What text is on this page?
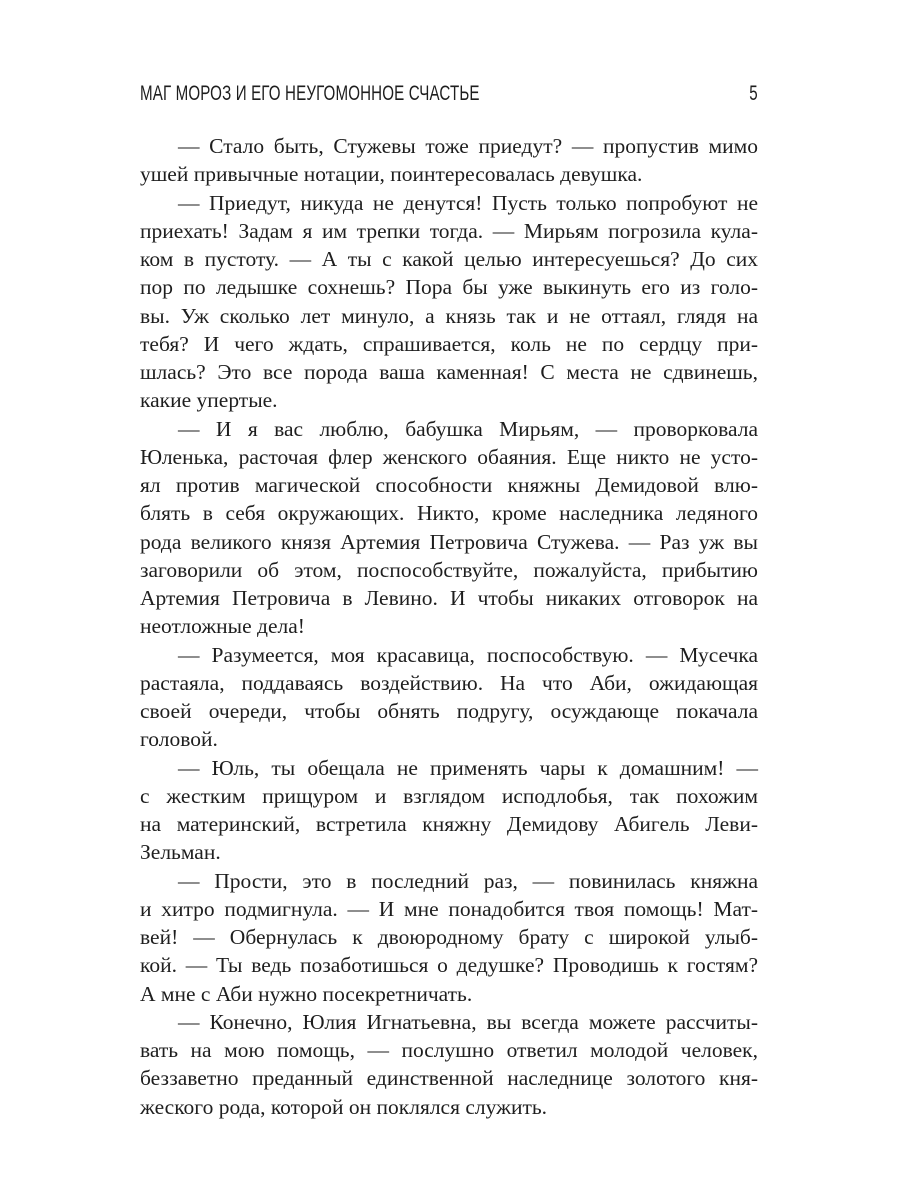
МАГ МОРОЗ И ЕГО НЕУГОМОННОЕ СЧАСТЬЕ	5
— Стало быть, Стужевы тоже приедут? — пропустив мимо
ушей привычные нотации, поинтересовалась девушка.
— Приедут, никуда не денутся! Пусть только попробуют не
приехать! Задам я им трепки тогда. — Мирьям погрозила кула-
ком в пустоту. — А ты с какой целью интересуешься? До сих
пор по ледышке сохнешь? Пора бы уже выкинуть его из голо-
вы. Уж сколько лет минуло, а князь так и не оттаял, глядя на
тебя? И чего ждать, спрашивается, коль не по сердцу при-
шлась? Это все порода ваша каменная! С места не сдвинешь,
какие упертые.
— И я вас люблю, бабушка Мирьям, — проворковала
Юленька, расточая флер женского обаяния. Еще никто не усто-
ял против магической способности княжны Демидовой влю-
блять в себя окружающих. Никто, кроме наследника ледяного
рода великого князя Артемия Петровича Стужева. — Раз уж вы
заговорили об этом, поспособствуйте, пожалуйста, прибытию
Артемия Петровича в Левино. И чтобы никаких отговорок на
неотложные дела!
— Разумеется, моя красавица, поспособствую. — Мусечка
растаяла, поддаваясь воздействию. На что Аби, ожидающая
своей очереди, чтобы обнять подругу, осуждающе покачала
головой.
— Юль, ты обещала не применять чары к домашним! —
с жестким прищуром и взглядом исподлобья, так похожим
на материнский, встретила княжну Демидову Абигель Леви-
Зельман.
— Прости, это в последний раз, — повинилась княжна
и хитро подмигнула. — И мне понадобится твоя помощь! Мат-
вей! — Обернулась к двоюродному брату с широкой улыб-
кой. — Ты ведь позаботишься о дедушке? Проводишь к гостям?
А мне с Аби нужно посекретничать.
— Конечно, Юлия Игнатьевна, вы всегда можете рассчиты-
вать на мою помощь, — послушно ответил молодой человек,
беззаветно преданный единственной наследнице золотого кня-
жеского рода, которой он поклялся служить.
